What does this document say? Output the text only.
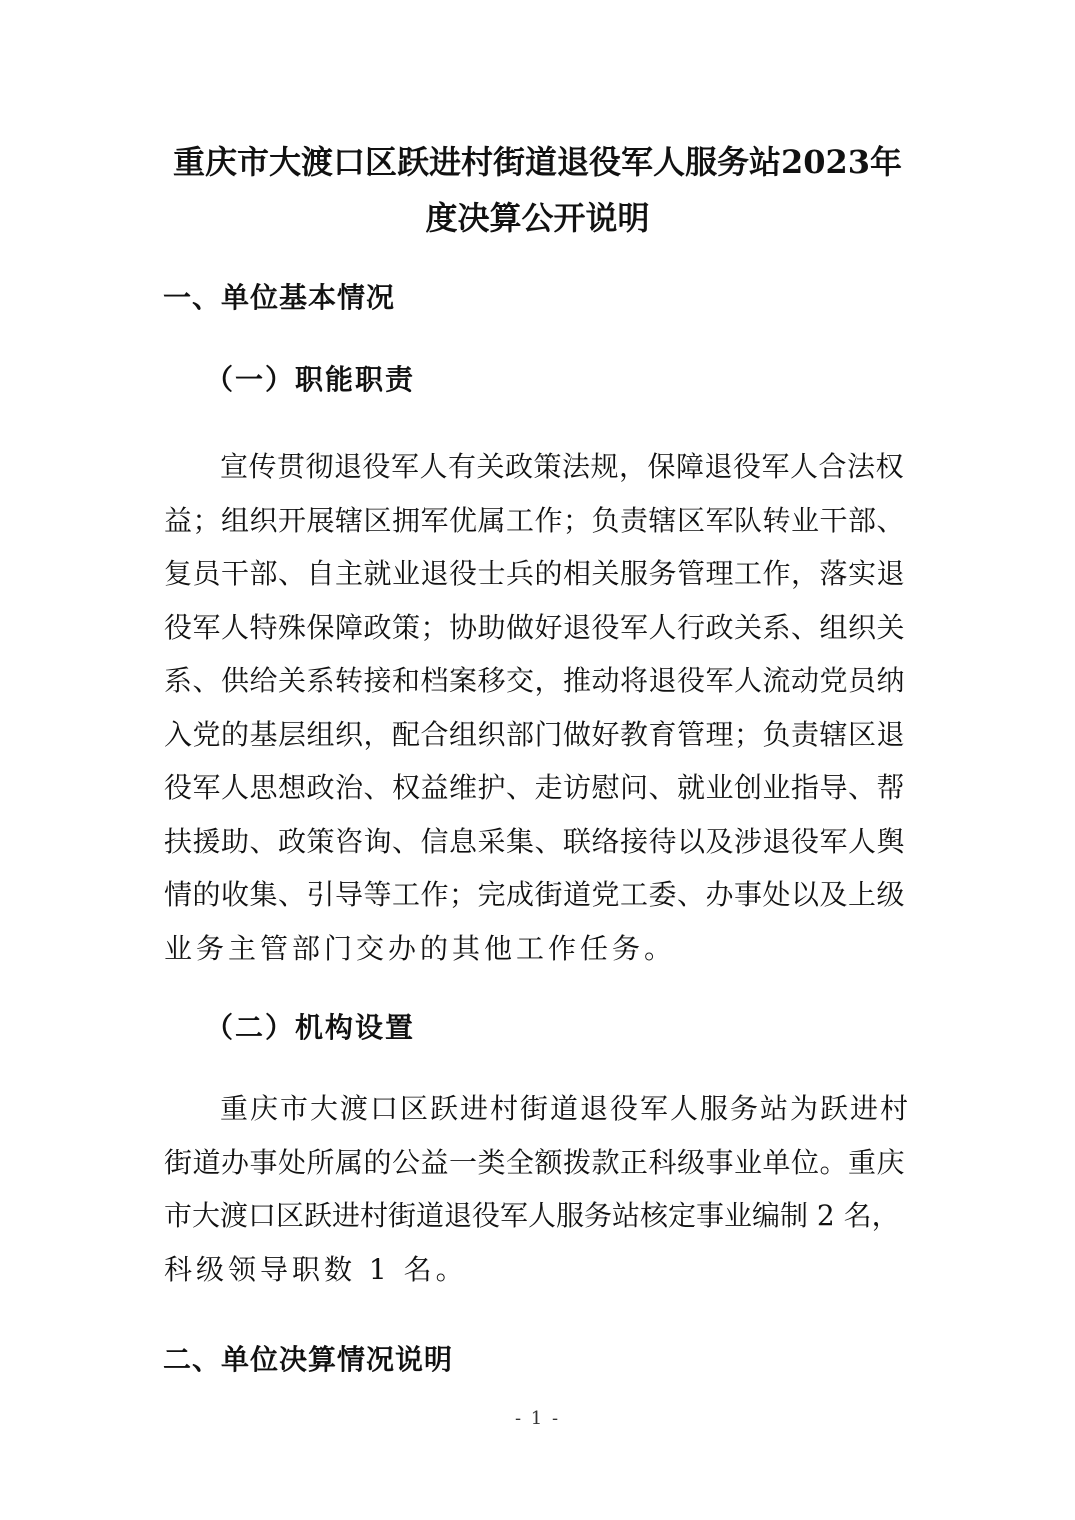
重庆市大渡口区跃进村街道退役军人服务站2023年
度决算公开说明
一、单位基本情况
（一）职能职责
宣传贯彻退役军人有关政策法规，保障退役军人合法权
益；组织开展辖区拥军优属工作；负责辖区军队转业干部、
复员干部、自主就业退役士兵的相关服务管理工作，落实退
役军人特殊保障政策；协助做好退役军人行政关系、组织关
系、供给关系转接和档案移交，推动将退役军人流动党员纳
入党的基层组织，配合组织部门做好教育管理；负责辖区退
役军人思想政治、权益维护、走访慰问、就业创业指导、帮
扶援助、政策咨询、信息采集、联络接待以及涉退役军人舆
情的收集、引导等工作；完成街道党工委、办事处以及上级
业务主管部门交办的其他工作任务。
（二）机构设置
重庆市大渡口区跃进村街道退役军人服务站为跃进村
街道办事处所属的公益一类全额拨款正科级事业单位。重庆
市大渡口区跃进村街道退役军人服务站核定事业编制 2 名，
科级领导职数 1 名。
二、单位决算情况说明
- 1 -
